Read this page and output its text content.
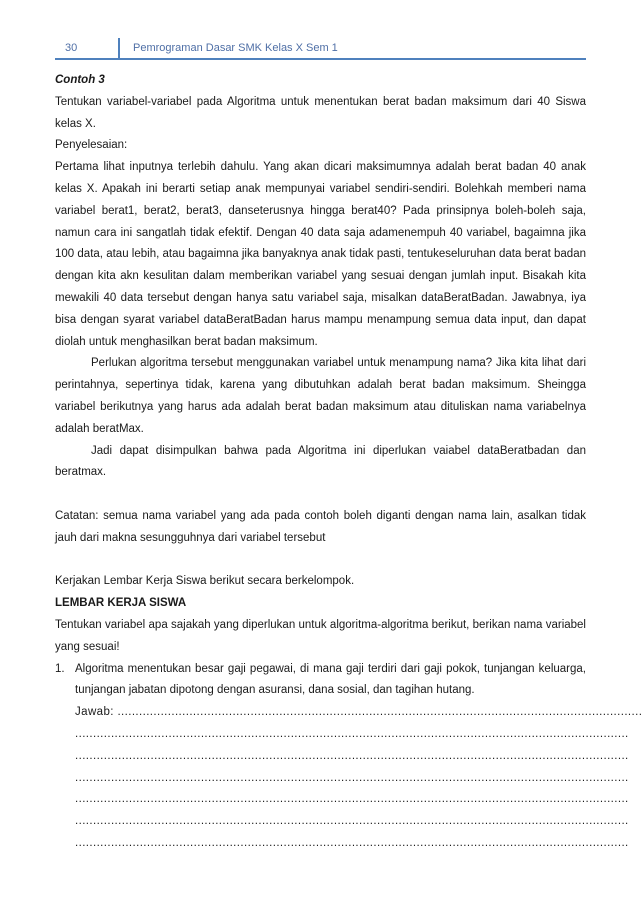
30	Pemrograman Dasar SMK Kelas X Sem 1

Contoh 3

Tentukan variabel-variabel pada Algoritma untuk menentukan berat badan maksimum dari 40 Siswa kelas X.

Penyelesaian:

Pertama lihat inputnya terlebih dahulu. Yang akan dicari maksimumnya adalah berat badan 40 anak kelas X. Apakah ini berarti setiap anak mempunyai variabel sendiri-sendiri. Bolehkah memberi nama variabel berat1, berat2, berat3, danseterusnya hingga berat40? Pada prinsipnya boleh-boleh saja, namun cara ini sangatlah tidak efektif. Dengan 40 data saja adamenempuh 40 variabel, bagaimna jika 100 data, atau lebih, atau bagaimna jika banyaknya anak tidak pasti, tentukeseluruhan data berat badan dengan kita akn kesulitan dalam memberikan variabel yang sesuai dengan jumlah input. Bisakah kita mewakili 40 data tersebut dengan hanya satu variabel saja, misalkan dataBeratBadan. Jawabnya, iya bisa dengan syarat variabel dataBeratBadan harus mampu menampung semua data input, dan dapat diolah untuk menghasilkan berat badan maksimum.

Perlukan algoritma tersebut menggunakan variabel untuk menampung nama? Jika kita lihat dari perintahnya, sepertinya tidak, karena yang dibutuhkan adalah berat badan maksimum. Sheingga variabel berikutnya yang harus ada adalah berat badan maksimum atau dituliskan nama variabelnya adalah beratMax.

Jadi dapat disimpulkan bahwa pada Algoritma ini diperlukan vaiabel dataBeratbadan dan beratmax.

Catatan: semua nama variabel yang ada pada contoh boleh diganti dengan nama lain, asalkan tidak jauh dari makna sesungguhnya dari variabel tersebut

Kerjakan Lembar Kerja Siswa berikut secara berkelompok.

LEMBAR KERJA SISWA

Tentukan variabel apa sajakah yang diperlukan untuk algoritma-algoritma berikut, berikan nama variabel yang sesuai!

1. Algoritma menentukan besar gaji pegawai, di mana gaji terdiri dari gaji pokok, tunjangan keluarga, tunjangan jabatan dipotong dengan asuransi, dana sosial, dan tagihan hutang.

Jawab: ..................................................................................................................................................
..........................................................................................................................................................
..........................................................................................................................................................
..........................................................................................................................................................
..........................................................................................................................................................
..........................................................................................................................................................
..........................................................................................................................................................
